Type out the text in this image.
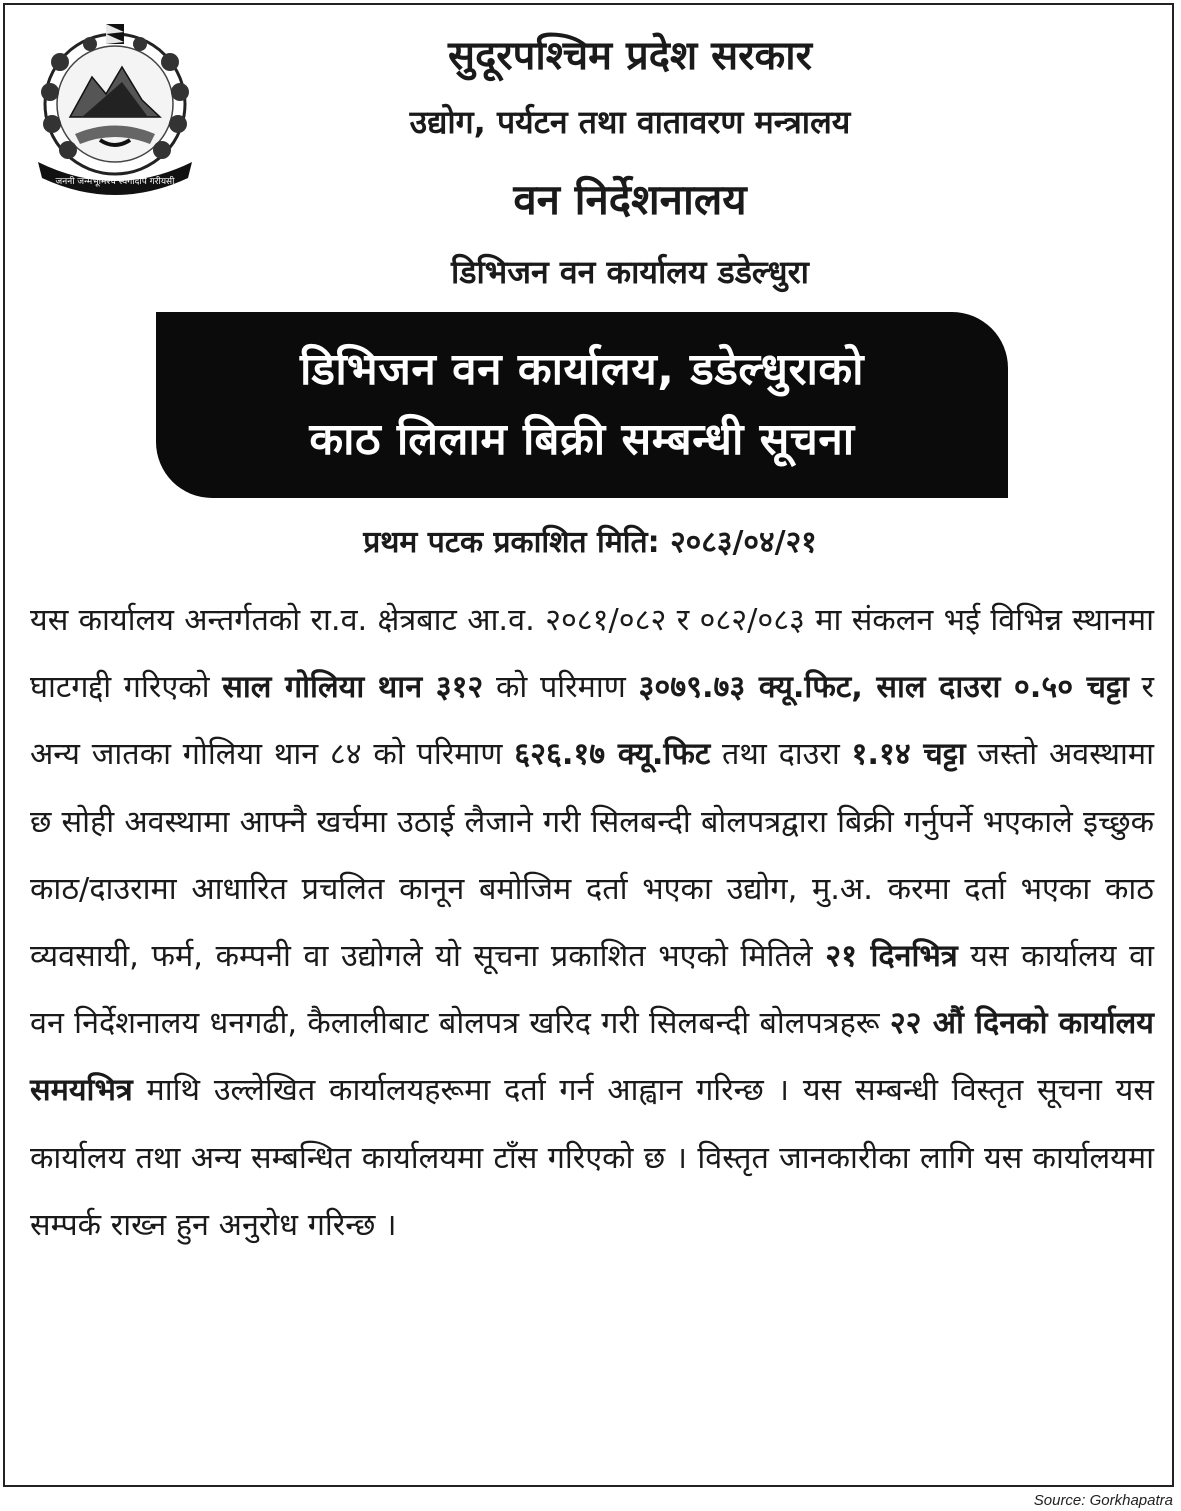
जननी जन्मभूमिश्च स्वर्गादपि गरीयसी
सुदूरपश्चिम प्रदेश सरकार
उद्योग, पर्यटन तथा वातावरण मन्त्रालय
वन निर्देशनालय
डिभिजन वन कार्यालय डडेल्धुरा
डिभिजन वन कार्यालय, डडेल्धुराको
काठ लिलाम बिक्री सम्बन्धी सूचना
प्रथम पटक प्रकाशित मिति: २०८३/०४/२१
यस कार्यालय अन्तर्गतको रा.व. क्षेत्रबाट आ.व. २०८१/०८२ र ०८२/०८३ मा संकलन भई विभिन्न स्थानमा घाटगद्दी गरिएको साल गोलिया थान ३१२ को परिमाण ३०७९.७३ क्यू.फिट, साल दाउरा ०.५० चट्टा र अन्य जातका गोलिया थान ८४ को परिमाण ६२६.१७ क्यू.फिट तथा दाउरा १.१४ चट्टा जस्तो अवस्थामा छ सोही अवस्थामा आफ्नै खर्चमा उठाई लैजाने गरी सिलबन्दी बोलपत्रद्वारा बिक्री गर्नुपर्ने भएकाले इच्छुक काठ/दाउरामा आधारित प्रचलित कानून बमोजिम दर्ता भएका उद्योग, मु.अ. करमा दर्ता भएका काठ व्यवसायी, फर्म, कम्पनी वा उद्योगले यो सूचना प्रकाशित भएको मितिले २१ दिनभित्र यस कार्यालय वा वन निर्देशनालय धनगढी, कैलालीबाट बोलपत्र खरिद गरी सिलबन्दी बोलपत्रहरू २२ औं दिनको कार्यालय समयभित्र माथि उल्लेखित कार्यालयहरूमा दर्ता गर्न आह्वान गरिन्छ । यस सम्बन्धी विस्तृत सूचना यस कार्यालय तथा अन्य सम्बन्धित कार्यालयमा टाँस गरिएको छ । विस्तृत जानकारीका लागि यस कार्यालयमा सम्पर्क राख्न हुन अनुरोध गरिन्छ ।
Source: Gorkhapatra
